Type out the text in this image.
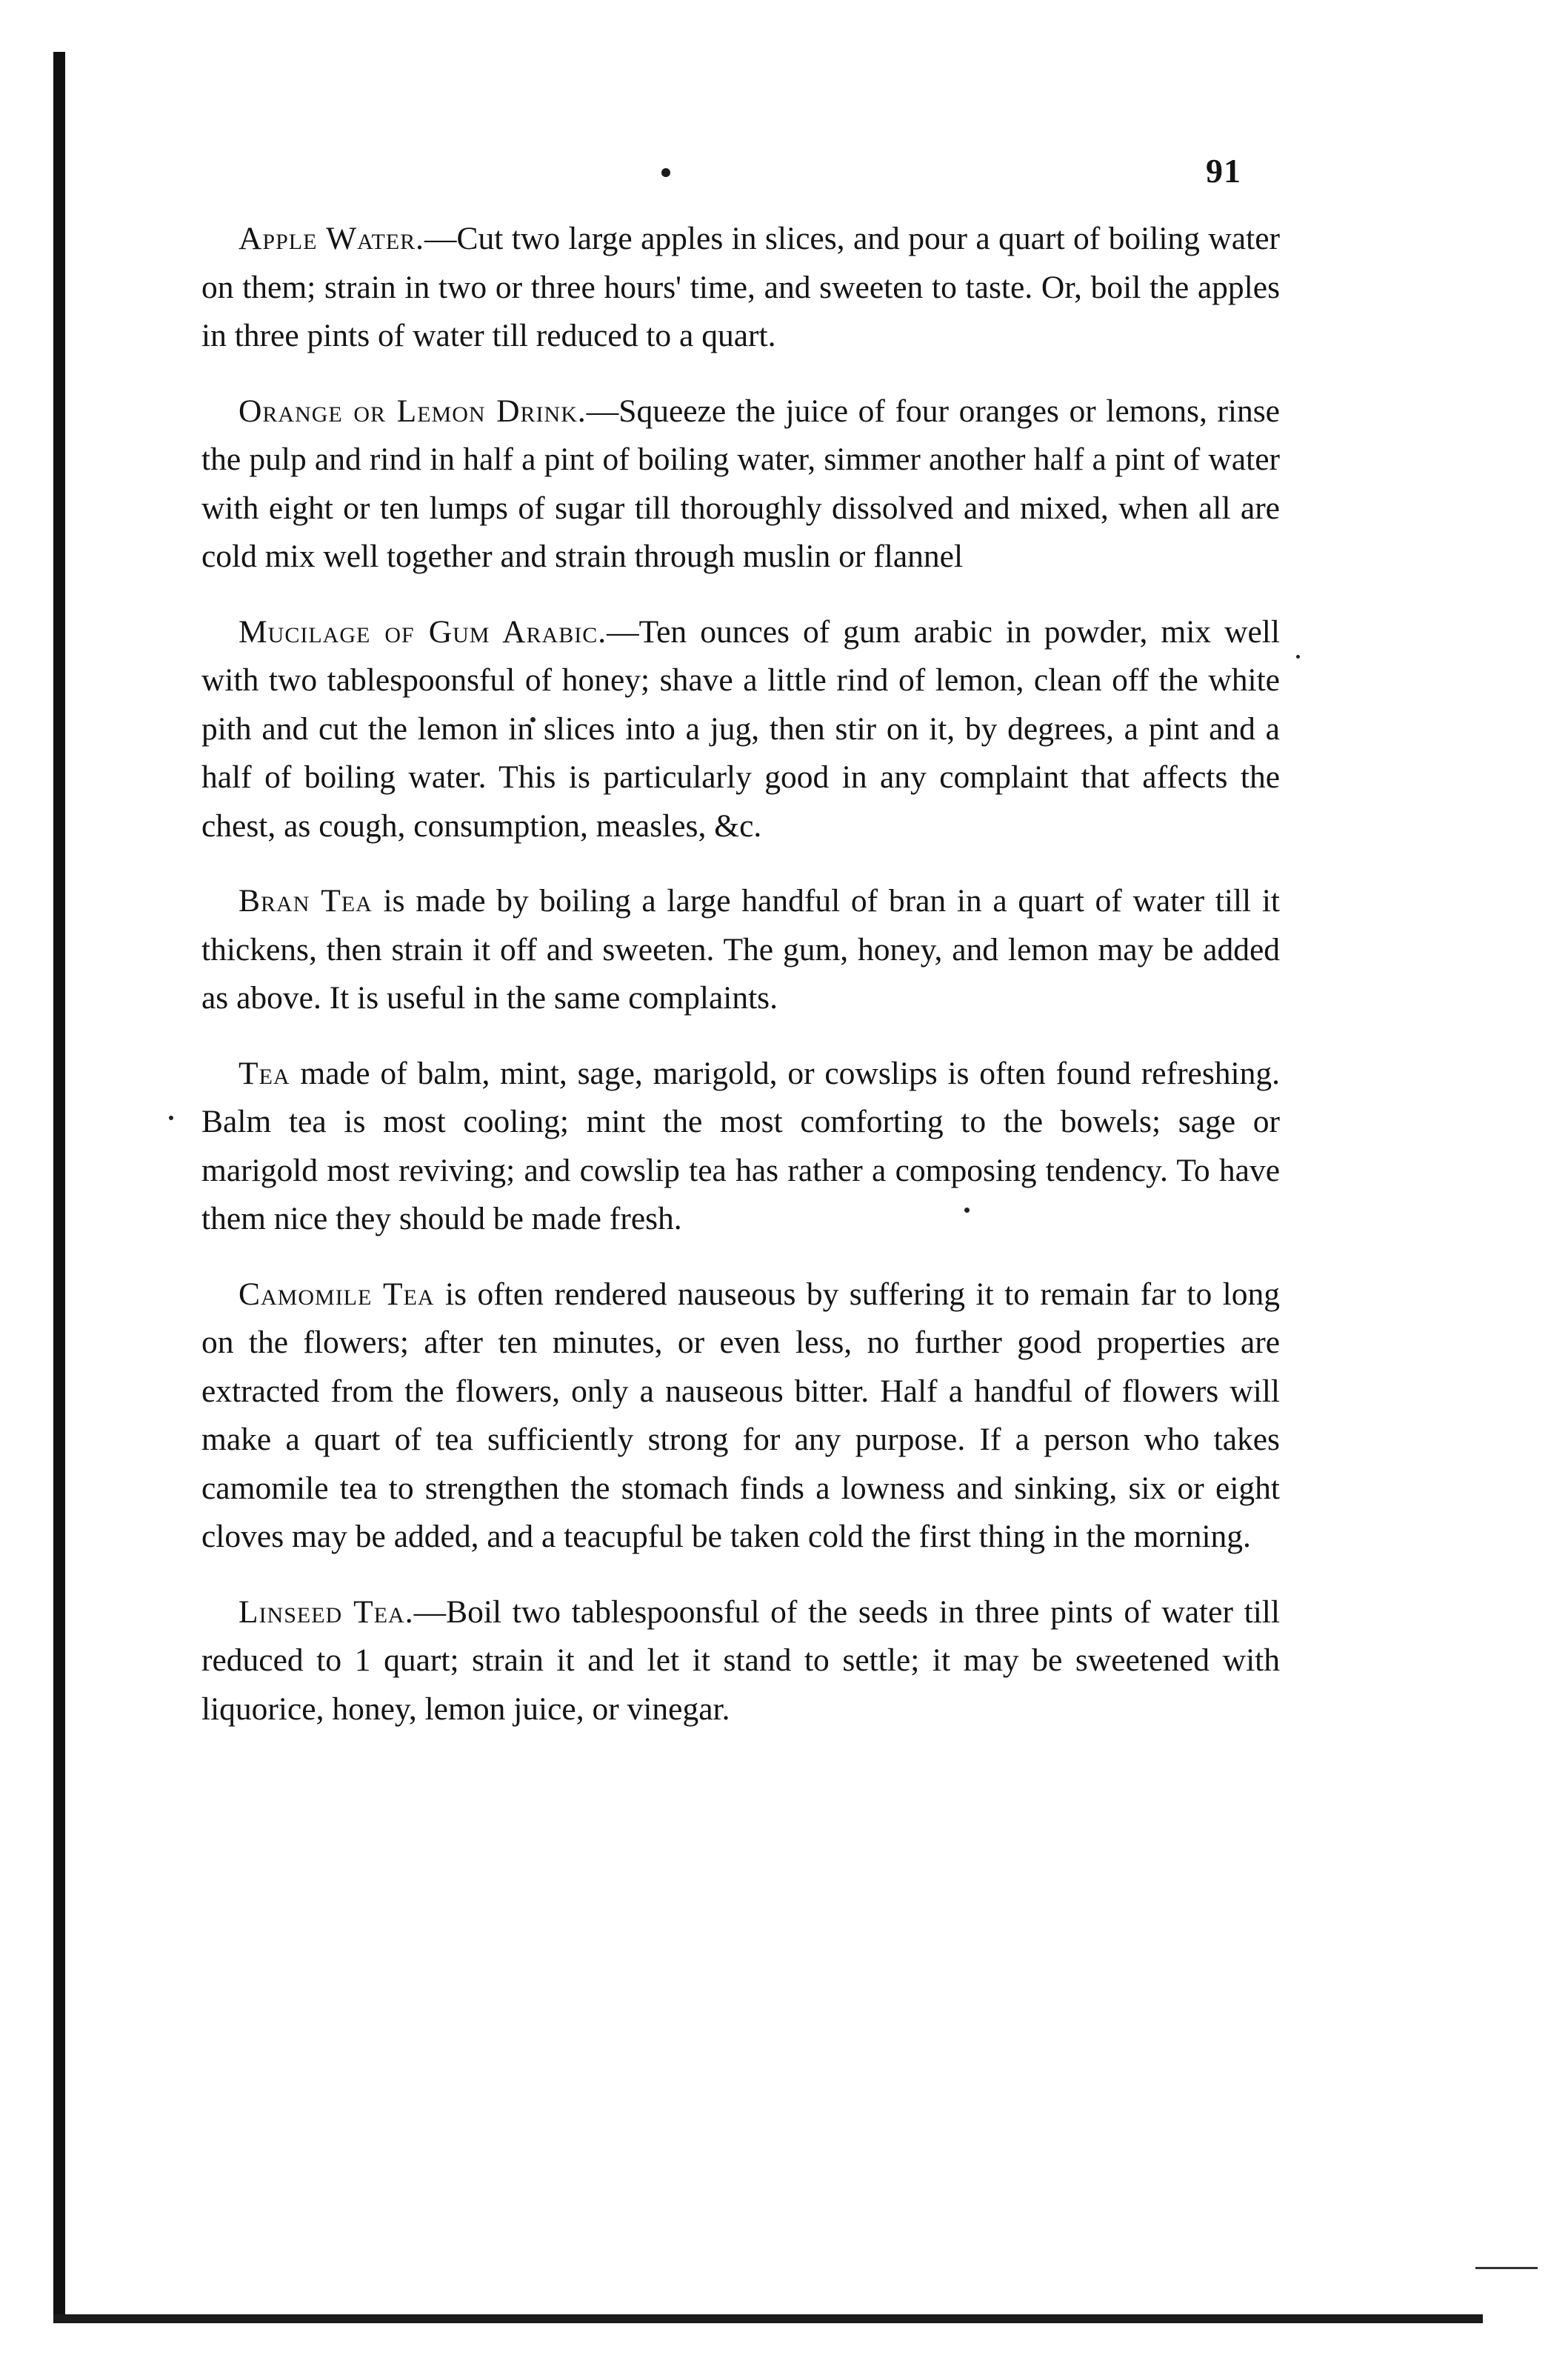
91

Apple Water.—Cut two large apples in slices, and pour a quart of boiling water on them; strain in two or three hours' time, and sweeten to taste. Or, boil the apples in three pints of water till reduced to a quart.

Orange or Lemon Drink.—Squeeze the juice of four oranges or lemons, rinse the pulp and rind in half a pint of boiling water, simmer another half a pint of water with eight or ten lumps of sugar till thoroughly dissolved and mixed, when all are cold mix well together and strain through muslin or flannel

Mucilage of Gum Arabic.—Ten ounces of gum arabic in powder, mix well with two tablespoonsful of honey; shave a little rind of lemon, clean off the white pith and cut the lemon in slices into a jug, then stir on it, by degrees, a pint and a half of boiling water. This is particularly good in any complaint that affects the chest, as cough, consumption, measles, &c.

Bran Tea is made by boiling a large handful of bran in a quart of water till it thickens, then strain it off and sweeten. The gum, honey, and lemon may be added as above. It is useful in the same complaints.

Tea made of balm, mint, sage, marigold, or cowslips is often found refreshing. Balm tea is most cooling; mint the most comforting to the bowels; sage or marigold most reviving; and cowslip tea has rather a composing tendency. To have them nice they should be made fresh.

Camomile Tea is often rendered nauseous by suffering it to remain far to long on the flowers; after ten minutes, or even less, no further good properties are extracted from the flowers, only a nauseous bitter. Half a handful of flowers will make a quart of tea sufficiently strong for any purpose. If a person who takes camomile tea to strengthen the stomach finds a lowness and sinking, six or eight cloves may be added, and a teacupful be taken cold the first thing in the morning.

Linseed Tea.—Boil two tablespoonsful of the seeds in three pints of water till reduced to 1 quart; strain it and let it stand to settle; it may be sweetened with liquorice, honey, lemon juice, or vinegar.
